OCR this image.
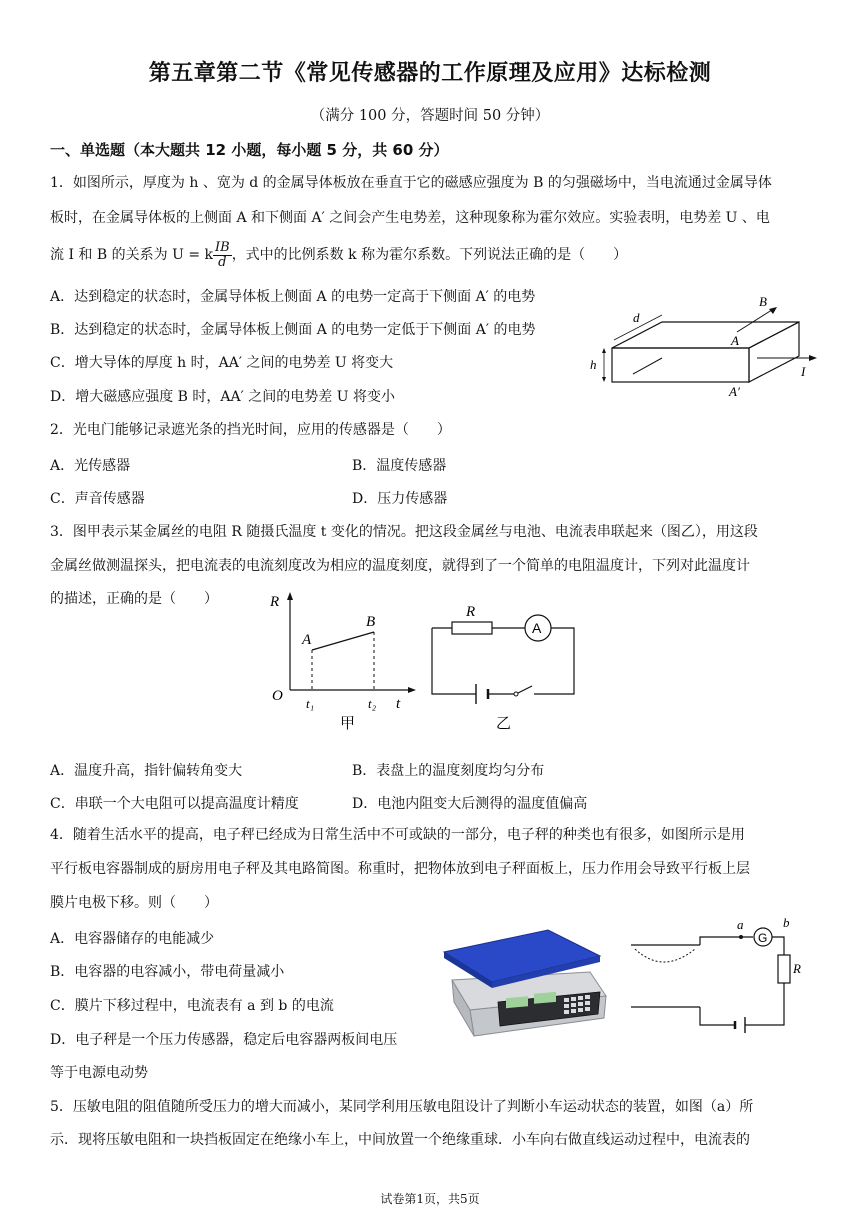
第五章第二节《常见传感器的工作原理及应用》达标检测
（满分 100 分，答题时间 50 分钟）
一、单选题（本大题共 12 小题，每小题 5 分，共 60 分）
1．如图所示，厚度为 h 、宽为 d 的金属导体板放在垂直于它的磁感应强度为 B 的匀强磁场中，当电流通过金属导体
板时，在金属导体板的上侧面 A 和下侧面 A′ 之间会产生电势差，这种现象称为霍尔效应。实验表明，电势差 U 、电
流 I 和 B 的关系为 U = k $\frac{IB}{d}$ ，式中的比例系数 k 称为霍尔系数。下列说法正确的是（　　）
A．达到稳定的状态时，金属导体板上侧面 A 的电势一定高于下侧面 A′ 的电势
B．达到稳定的状态时，金属导体板上侧面 A 的电势一定低于下侧面 A′ 的电势
C．增大导体的厚度 h 时，AA′ 之间的电势差 U 将变大
D．增大磁感应强度 B 时，AA′ 之间的电势差 U 将变小
B
d
h
A
A′
I
2．光电门能够记录遮光条的挡光时间，应用的传感器是（　　）
A．光传感器	B．温度传感器
C．声音传感器	D．压力传感器
3．图甲表示某金属丝的电阻 R 随摄氏温度 t 变化的情况。把这段金属丝与电池、电流表串联起来（图乙），用这段
金属丝做测温探头，把电流表的电流刻度改为相应的温度刻度，就得到了一个简单的电阻温度计，下列对此温度计
的描述，正确的是（　　）	R
A
B
O t₁	t₂ t
甲
A
R
乙
A．温度升高，指针偏转角变大	B．表盘上的温度刻度均匀分布
C．串联一个大电阻可以提高温度计精度	D．电池内阻变大后测得的温度值偏高
4．随着生活水平的提高，电子秤已经成为日常生活中不可或缺的一部分，电子秤的种类也有很多，如图所示是用
平行板电容器制成的厨房用电子秤及其电路简图。称重时，把物体放到电子秤面板上，压力作用会导致平行板上层
膜片电极下移。则（　　）
A．电容器储存的电能减少
B．电容器的电容减小，带电荷量减小
C．膜片下移过程中，电流表有 a 到 b 的电流
D．电子秤是一个压力传感器，稳定后电容器两板间电压
等于电源电动势
a
G
b
R
5．压敏电阻的阻值随所受压力的增大而减小，某同学利用压敏电阻设计了判断小车运动状态的装置，如图（a）所
示．现将压敏电阻和一块挡板固定在绝缘小车上，中间放置一个绝缘重球．小车向右做直线运动过程中，电流表的
试卷第1页，共5页
